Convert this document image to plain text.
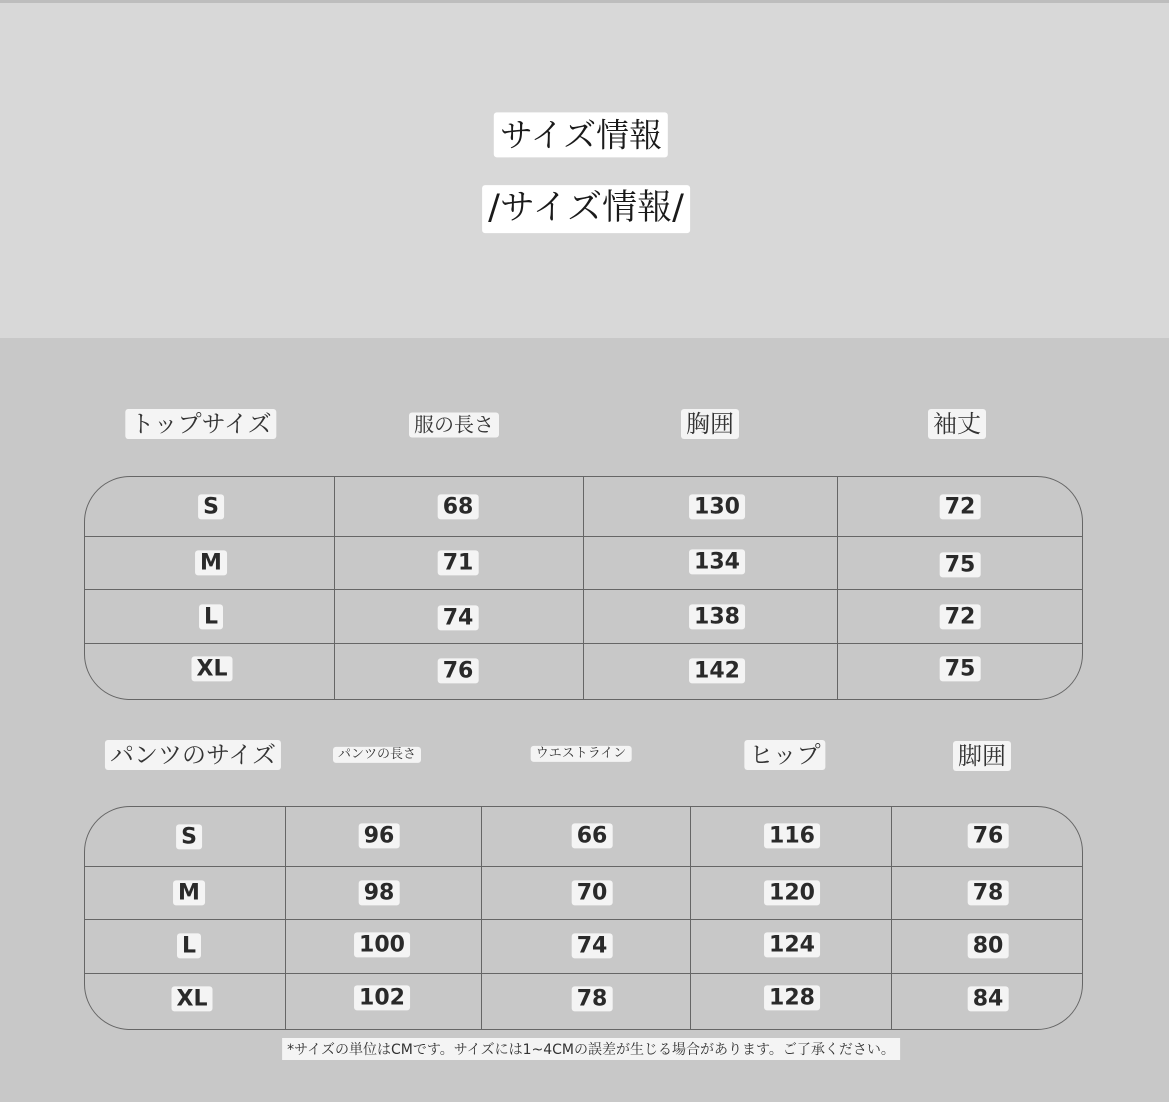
サイズ情報
/サイズ情報/
トップサイズ	服の長さ	胸囲	袖丈
S	68	130	72
M	71	134	75
L	74	138	72
XL	76	142	75
パンツのサイズ	パンツの長さ	ウエストライン	ヒップ	脚囲
S	96	66	116	76
M	98	70	120	78
L	100	74	124	80
XL	102	78	128	84
*サイズの単位はCMです。サイズには1~4CMの誤差が生じる場合があります。ご了承ください。
